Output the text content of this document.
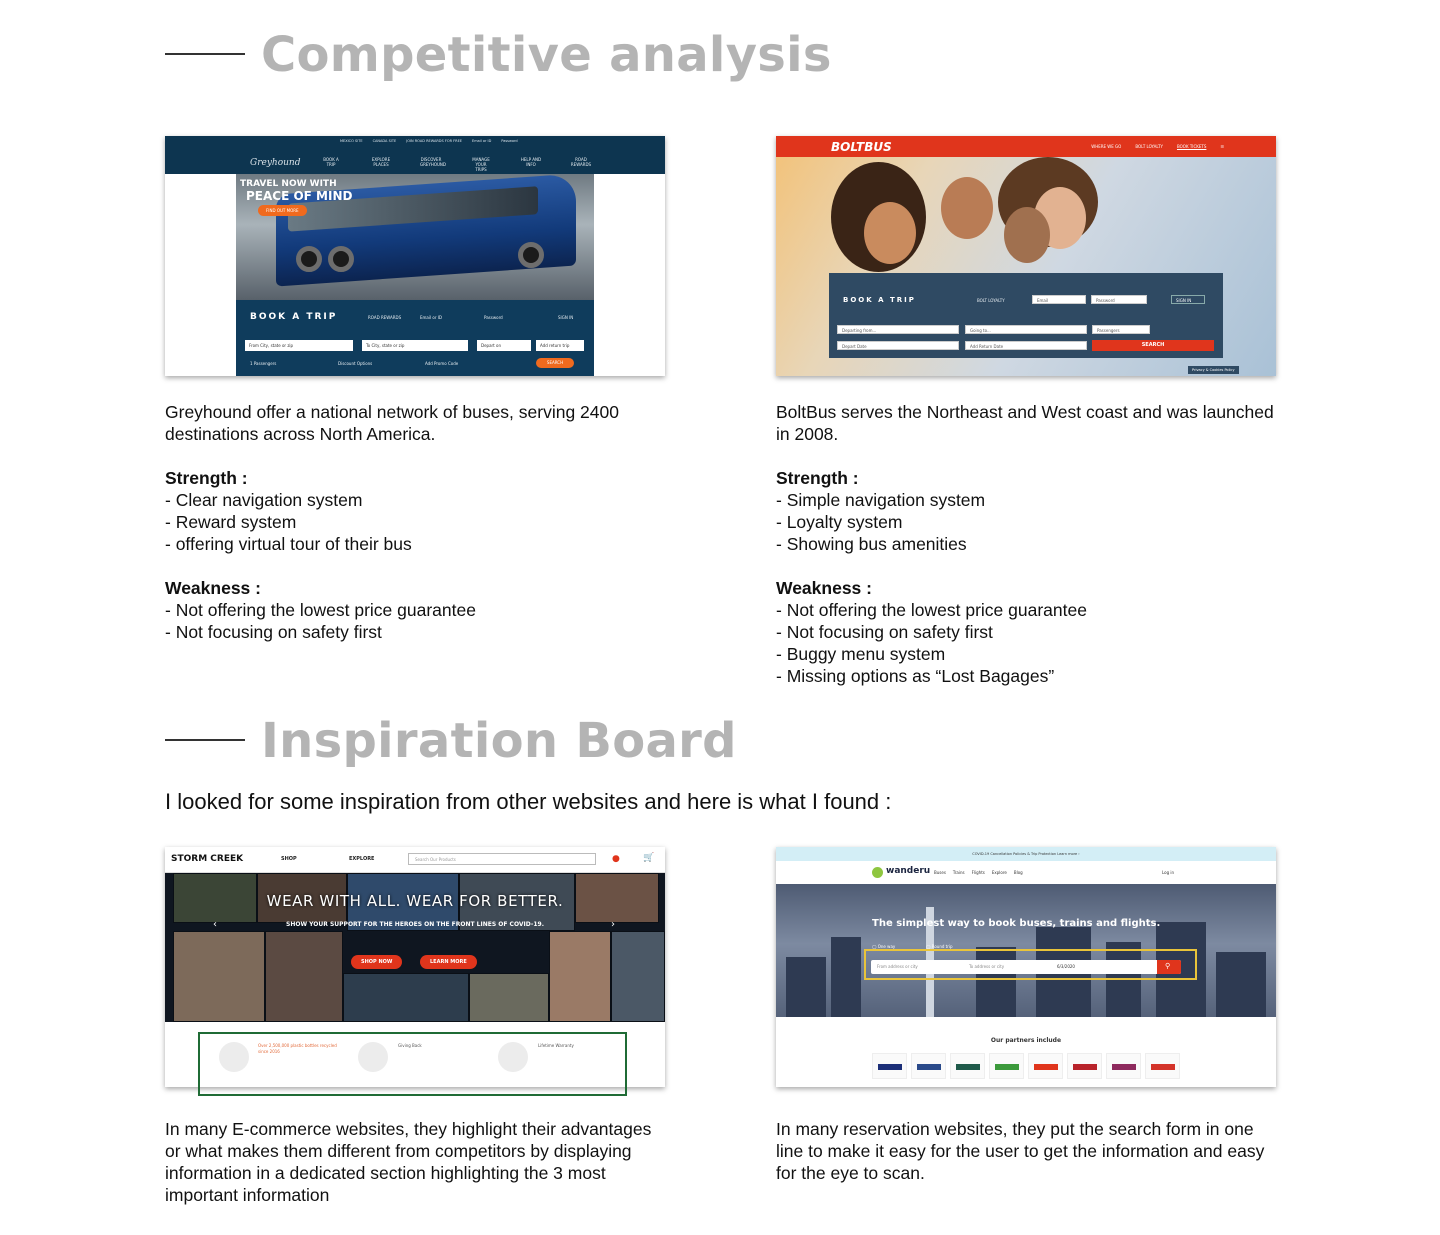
Competitive analysis
MEXICO SITE	CANADA SITE	JOIN ROAD REWARDS FOR FREE	Email or ID	Password
Greyhound	BOOK A TRIP
EXPLORE PLACES
DISCOVER GREYHOUND
MANAGE YOUR TRIPS
HELP AND INFO
ROAD REWARDS
TRAVEL NOW WITH
PEACE OF MIND
FIND OUT MORE
BOOK A TRIP	ROAD REWARDS	Email or ID	Password	SIGN IN
From City, state or zip	To City, state or zip	Depart on	Add return trip
1 Passengers	Discount Options	Add Promo Code	SEARCH
BOLTBUS	WHERE WE GO	BOLT LOYALTY	BOOK TICKETS	☰
BOOK A TRIP	BOLT LOYALTY	Email	Password	SIGN IN
Departing from...	Going to...	Passengers
Depart Date	Add Return Date	SEARCH
Privacy & Cookies Policy

Greyhound offer a national network of buses, serving 2400

destinations across North America.

Strength :

- Clear navigation system

- Reward system

- offering virtual tour of their bus

Weakness :

- Not offering the lowest price guarantee

- Not focusing on safety first

BoltBus serves the Northeast and West coast and was launched

in 2008.

Strength :

- Simple navigation system

- Loyalty system

- Showing bus amenities

Weakness :

- Not offering the lowest price guarantee

- Not focusing on safety first

- Buggy menu system

- Missing options as “Lost Bagages”

Inspiration Board
I looked for some inspiration from other websites and here is what I found :
STORM CREEK	SHOP	EXPLORE	Search Our Products	●	🛒
WEAR WITH ALL. WEAR FOR BETTER.
SHOW YOUR SUPPORT FOR THE HEROES ON THE FRONT LINES OF COVID-19.
SHOP NOW	LEARN MORE
‹	›
Over 2,500,000 plastic bottles recycled since 2016
Giving Back	Lifetime Warranty
COVID-19 Cancellation Policies & Trip Protection Learn more ›
wanderu Buses Trains Flights Explore Blog	Log in
The simplest way to book buses, trains and flights.
◯ One way	◯ Round trip
From address or city	To address or city	6/3/2020	⚲
Our partners include

In many E-commerce websites, they highlight their advantages

or what makes them different from competitors by displaying

information in a dedicated section highlighting the 3 most

important information

In many reservation websites, they put the search form in one

line to make it easy for the user to get the information and easy

for the eye to scan.
